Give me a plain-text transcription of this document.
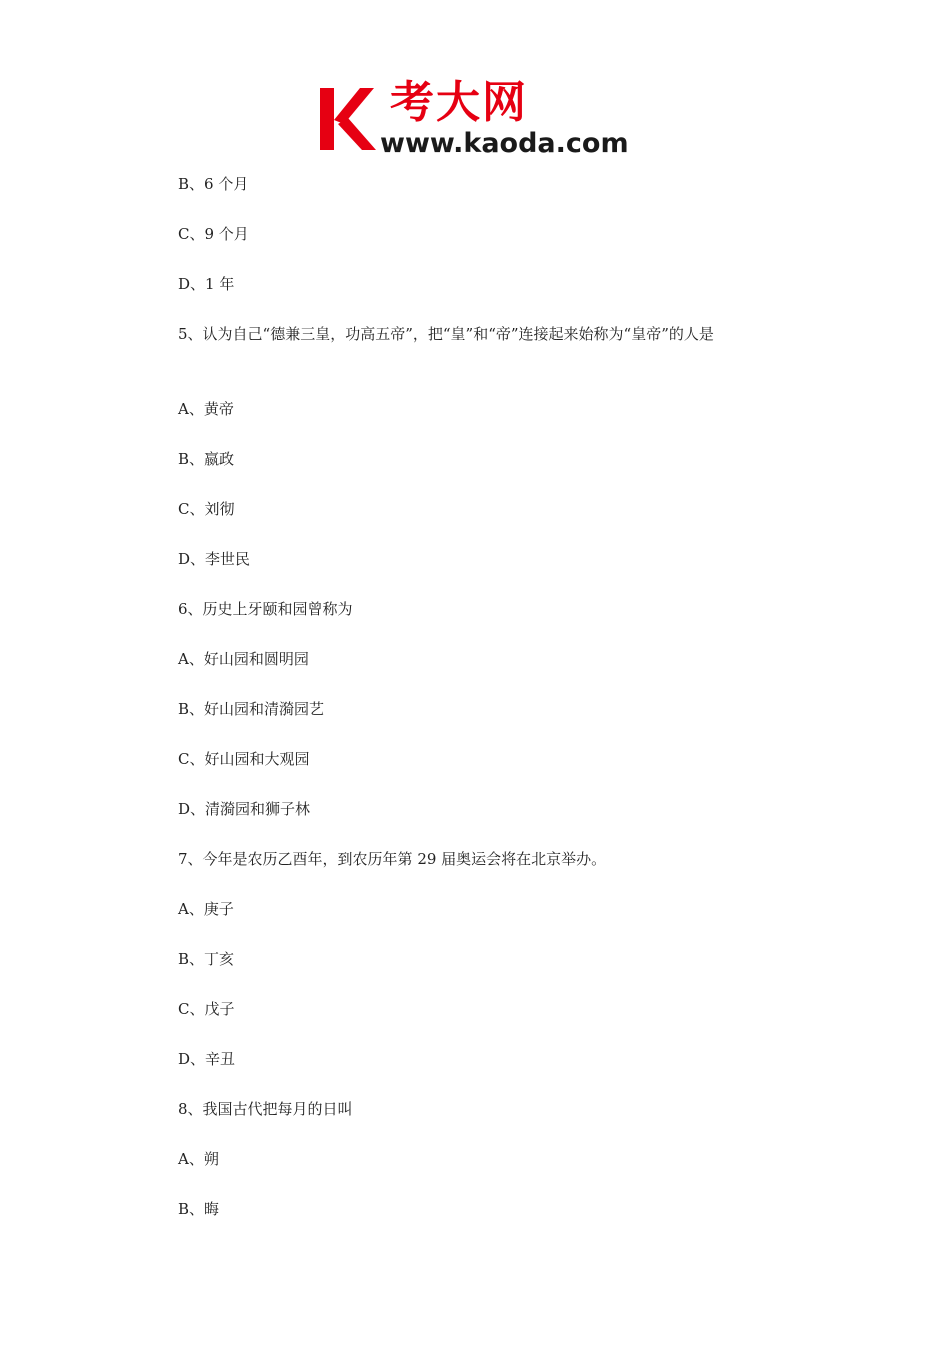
考大网
www.kaoda.com
B、6 个月
C、9 个月
D、1 年
5、认为自己“德兼三皇，功高五帝”，把“皇”和“帝”连接起来始称为“皇帝”的人是
A、黄帝
B、嬴政
C、刘彻
D、李世民
6、历史上牙颐和园曾称为
A、好山园和圆明园
B、好山园和清漪园艺
C、好山园和大观园
D、清漪园和狮子林
7、今年是农历乙酉年，到农历年第 29 届奥运会将在北京举办。
A、庚子
B、丁亥
C、戊子
D、辛丑
8、我国古代把每月的日叫
A、朔
B、晦
